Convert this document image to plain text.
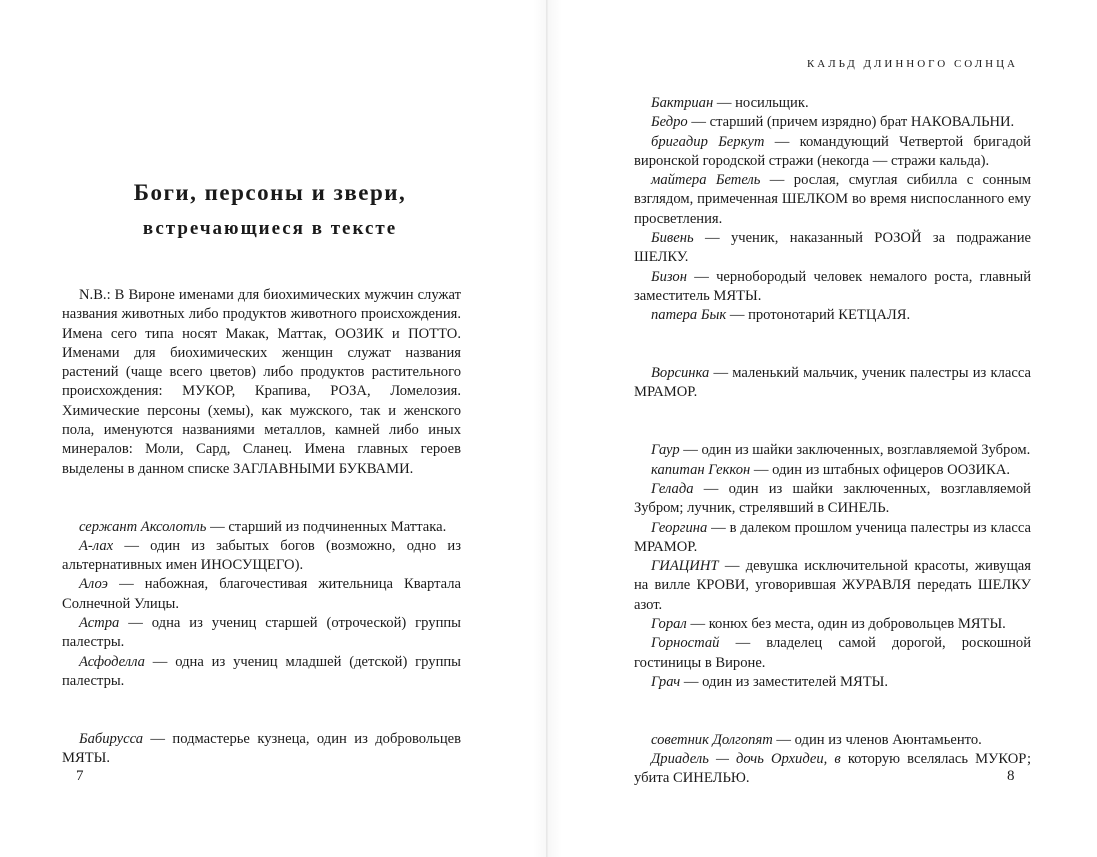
Боги, персоны и звери,
встречающиеся в тексте

N.B.: В Вироне именами для биохимических мужчин служат названия животных либо продуктов животного происхождения. Имена сего типа носят Макак, Маттак, ООЗИК и ПОТТО. Именами для биохимических женщин служат названия растений (чаще всего цветов) либо продуктов растительного происхождения: МУКОР, Крапива, РОЗА, Ломелозия. Химические персоны (хемы), как мужского, так и женского пола, именуются названиями металлов, камней либо иных минералов: Моли, Сард, Сланец. Имена главных героев выделены в данном списке ЗАГЛАВНЫМИ БУКВАМИ.

сержант Аксолотль — старший из подчиненных Маттака.

А-лах — один из забытых богов (возможно, одно из альтернативных имен ИНОСУЩЕГО).

Алоэ — набожная, благочестивая жительница Квартала Солнечной Улицы.

Астра — одна из учениц старшей (отроческой) группы палестры.

Асфоделла — одна из учениц младшей (детской) группы палестры.

Бабирусса — подмастерье кузнеца, один из добровольцев МЯТЫ.

7
КАЛЬД ДЛИННОГО СОЛНЦА

Бактриан — носильщик.

Бедро — старший (причем изрядно) брат НАКОВАЛЬНИ.

бригадир Беркут — командующий Четвертой бригадой виронской городской стражи (некогда — стражи кальда).

майтера Бетель — рослая, смуглая сибилла с сонным взглядом, примеченная ШЕЛКОМ во время ниспосланного ему просветления.

Бивень — ученик, наказанный РОЗОЙ за подражание ШЕЛКУ.

Бизон — чернобородый человек немалого роста, главный заместитель МЯТЫ.

патера Бык — протонотарий КЕТЦАЛЯ.

Ворсинка — маленький мальчик, ученик палестры из класса МРАМОР.

Гаур — один из шайки заключенных, возглавляемой Зубром.

капитан Геккон — один из штабных офицеров ООЗИКА.

Гелада — один из шайки заключенных, возглавляемой Зубром; лучник, стрелявший в СИНЕЛЬ.

Георгина — в далеком прошлом ученица палестры из класса МРАМОР.

ГИАЦИНТ — девушка исключительной красоты, живущая на вилле КРОВИ, уговорившая ЖУРАВЛЯ передать ШЕЛКУ азот.

Горал — конюх без места, один из добровольцев МЯТЫ.

Горностай — владелец самой дорогой, роскошной гостиницы в Вироне.

Грач — один из заместителей МЯТЫ.

советник Долгопят — один из членов Аюнтамьенто.

Дриадель — дочь Орхидеи, в которую вселялась МУКОР; убита СИНЕЛЬЮ.	8
